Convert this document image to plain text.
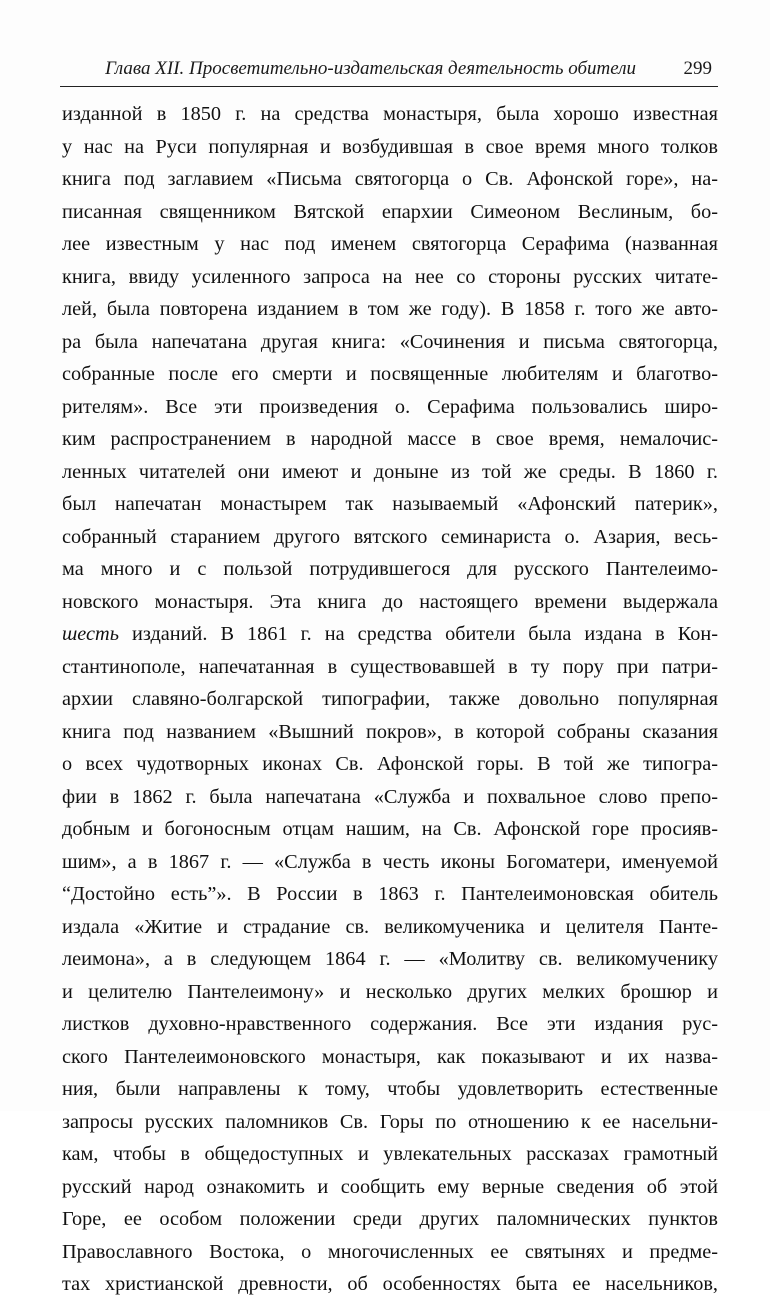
Глава XII. Просветительно-издательская деятельность обители	299
изданной в 1850 г. на средства монастыря, была хорошо известная
у нас на Руси популярная и возбудившая в свое время много толков
книга под заглавием «Письма святогорца о Св. Афонской горе», на-
писанная священником Вятской епархии Симеоном Веслиным, бо-
лее известным у нас под именем святогорца Серафима (названная
книга, ввиду усиленного запроса на нее со стороны русских читате-
лей, была повторена изданием в том же году). В 1858 г. того же авто-
ра была напечатана другая книга: «Сочинения и письма святогорца,
собранные после его смерти и посвященные любителям и благотво-
рителям». Все эти произведения о. Серафима пользовались широ-
ким распространением в народной массе в свое время, немалочис-
ленных читателей они имеют и доныне из той же среды. В 1860 г.
был напечатан монастырем так называемый «Афонский патерик»,
собранный старанием другого вятского семинариста о. Азария, весь-
ма много и с пользой потрудившегося для русского Пантелеимо-
новского монастыря. Эта книга до настоящего времени выдержала
шесть изданий. В 1861 г. на средства обители была издана в Кон-
стантинополе, напечатанная в существовавшей в ту пору при патри-
архии славяно-болгарской типографии, также довольно популярная
книга под названием «Вышний покров», в которой собраны сказания
о всех чудотворных иконах Св. Афонской горы. В той же типогра-
фии в 1862 г. была напечатана «Служба и похвальное слово препо-
добным и богоносным отцам нашим, на Св. Афонской горе просияв-
шим», а в 1867 г. — «Служба в честь иконы Богоматери, именуемой
“Достойно есть”». В России в 1863 г. Пантелеимоновская обитель
издала «Житие и страдание св. великомученика и целителя Панте-
леимона», а в следующем 1864 г. — «Молитву св. великомученику
и целителю Пантелеимону» и несколько других мелких брошюр и
листков духовно-нравственного содержания. Все эти издания рус-
ского Пантелеимоновского монастыря, как показывают и их назва-
ния, были направлены к тому, чтобы удовлетворить естественные
запросы русских паломников Св. Горы по отношению к ее насельни-
кам, чтобы в общедоступных и увлекательных рассказах грамотный
русский народ ознакомить и сообщить ему верные сведения об этой
Горе, ее особом положении среди других паломнических пунктов
Православного Востока, о многочисленных ее святынях и предме-
тах христианской древности, об особенностях быта ее насельников,
